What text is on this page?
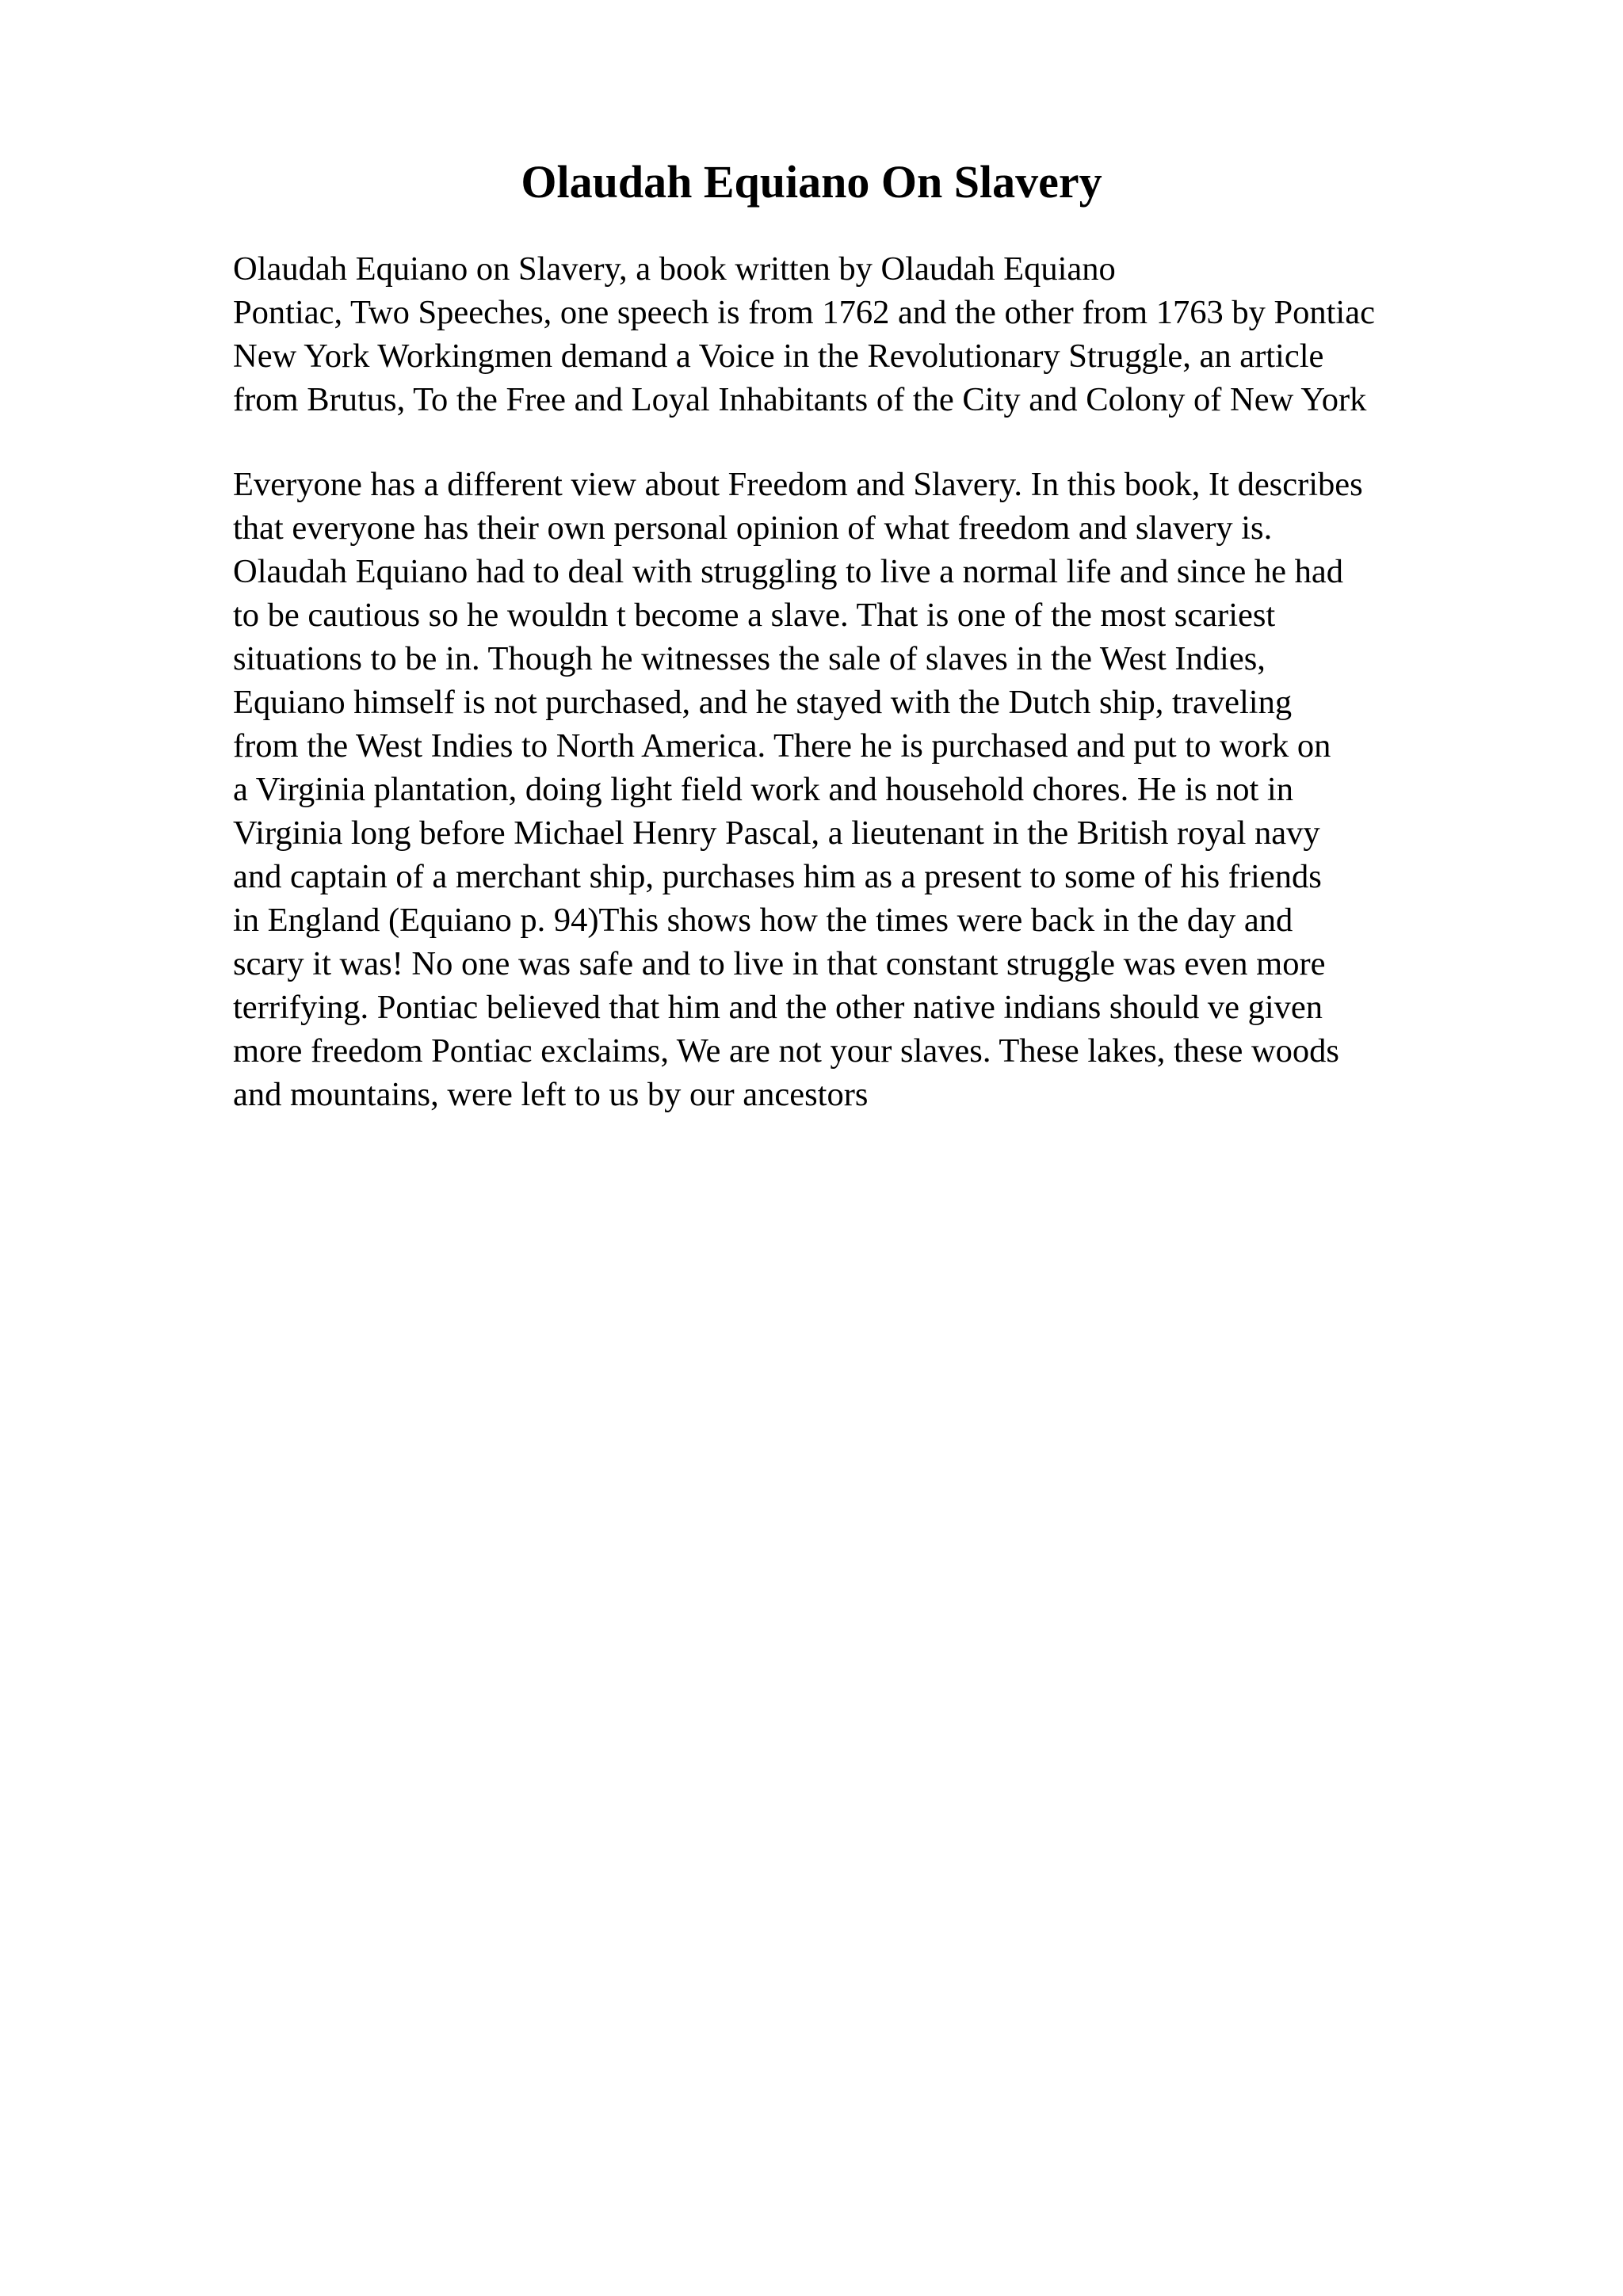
Olaudah Equiano On Slavery
Olaudah Equiano on Slavery, a book written by Olaudah Equiano
Pontiac, Two Speeches, one speech is from 1762 and the other from 1763 by Pontiac
New York Workingmen demand a Voice in the Revolutionary Struggle, an article
from Brutus, To the Free and Loyal Inhabitants of the City and Colony of New York
Everyone has a different view about Freedom and Slavery. In this book, It describes
that everyone has their own personal opinion of what freedom and slavery is.
Olaudah Equiano had to deal with struggling to live a normal life and since he had
to be cautious so he wouldn t become a slave. That is one of the most scariest
situations to be in. Though he witnesses the sale of slaves in the West Indies,
Equiano himself is not purchased, and he stayed with the Dutch ship, traveling
from the West Indies to North America. There he is purchased and put to work on
a Virginia plantation, doing light field work and household chores. He is not in
Virginia long before Michael Henry Pascal, a lieutenant in the British royal navy
and captain of a merchant ship, purchases him as a present to some of his friends
in England (Equiano p. 94)This shows how the times were back in the day and
scary it was! No one was safe and to live in that constant struggle was even more
terrifying. Pontiac believed that him and the other native indians should ve given
more freedom Pontiac exclaims, We are not your slaves. These lakes, these woods
and mountains, were left to us by our ancestors
